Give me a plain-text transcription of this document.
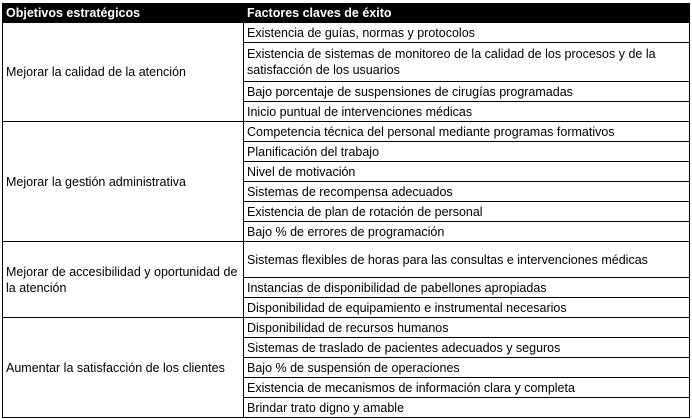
Objetivos estratégicos	Factores claves de éxito
Mejorar la calidad de la atención	Existencia de guías, normas y protocolos
	Existencia de sistemas de monitoreo de la calidad de los procesos y de la satisfacción de los usuarios

	Bajo porcentaje de suspensiones de cirugías programadas
	Inicio puntual de intervenciones médicas
Mejorar la gestión administrativa	Competencia técnica del personal mediante programas formativos
	Planificación del trabajo
	Nivel de motivación
	Sistemas de recompensa adecuados
	Existencia de plan de rotación de personal
	Bajo % de errores de programación
Mejorar de accesibilidad y oportunidad de la atención	Sistemas flexibles de horas para las consultas e intervenciones médicas
	Instancias de disponibilidad de pabellones apropiadas
	Disponibilidad de equipamiento e instrumental necesarios
Aumentar la satisfacción de los clientes	Disponibilidad de recursos humanos
	Sistemas de traslado de pacientes adecuados y seguros
	Bajo % de suspensión de operaciones
	Existencia de mecanismos de información clara y completa
	Brindar trato digno y amable
